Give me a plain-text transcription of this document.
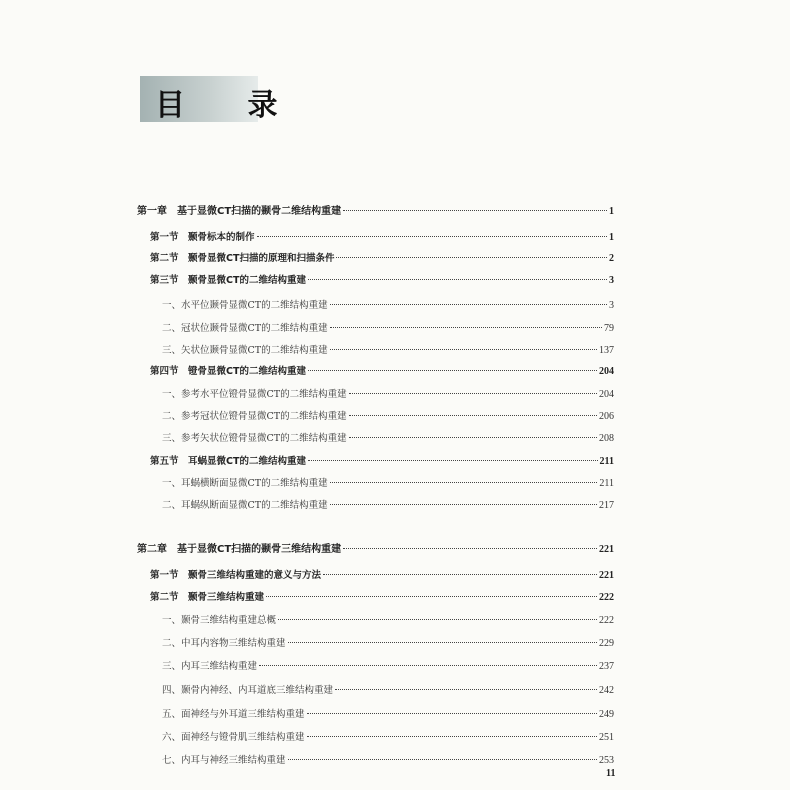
目 录
第一章　基于显微CT扫描的颞骨二维结构重建	1
第一节　颞骨标本的制作	1
第二节　颞骨显微CT扫描的原理和扫描条件	2
第三节　颞骨显微CT的二维结构重建	3
一、水平位颞骨显微CT的二维结构重建	3
二、冠状位颞骨显微CT的二维结构重建	79
三、矢状位颞骨显微CT的二维结构重建	137
第四节　镫骨显微CT的二维结构重建	204
一、参考水平位镫骨显微CT的二维结构重建	204
二、参考冠状位镫骨显微CT的二维结构重建	206
三、参考矢状位镫骨显微CT的二维结构重建	208
第五节　耳蜗显微CT的二维结构重建	211
一、耳蜗横断面显微CT的二维结构重建	211
二、耳蜗纵断面显微CT的二维结构重建	217
第二章　基于显微CT扫描的颞骨三维结构重建	221
第一节　颞骨三维结构重建的意义与方法	221
第二节　颞骨三维结构重建	222
一、颞骨三维结构重建总概	222
二、中耳内容物三维结构重建	229
三、内耳三维结构重建	237
四、颞骨内神经、内耳道底三维结构重建	242
五、面神经与外耳道三维结构重建	249
六、面神经与镫骨肌三维结构重建	251
七、内耳与神经三维结构重建	253
11
